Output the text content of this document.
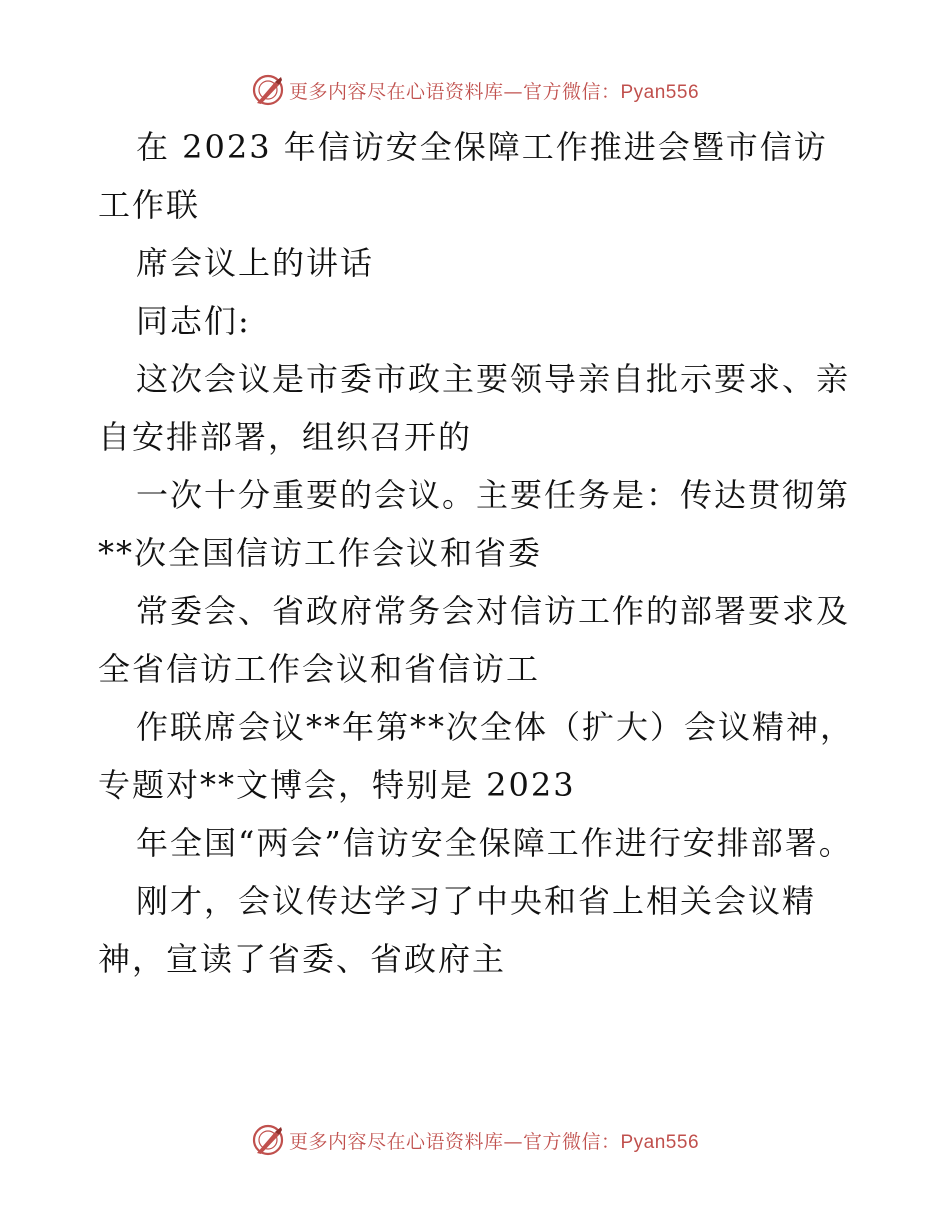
更多内容尽在心语资料库—官方微信：Pyan556

在 2023 年信访安全保障工作推进会暨市信访工作联

席会议上的讲话

同志们:

这次会议是市委市政主要领导亲自批示要求、亲自安排部署，组织召开的

一次十分重要的会议。主要任务是：传达贯彻第**次全国信访工作会议和省委

常委会、省政府常务会对信访工作的部署要求及全省信访工作会议和省信访工

作联席会议**年第**次全体（扩大）会议精神，专题对**文博会，特别是 2023

年全国“两会”信访安全保障工作进行安排部署。

刚才，会议传达学习了中央和省上相关会议精神，宣读了省委、省政府主

更多内容尽在心语资料库—官方微信：Pyan556
